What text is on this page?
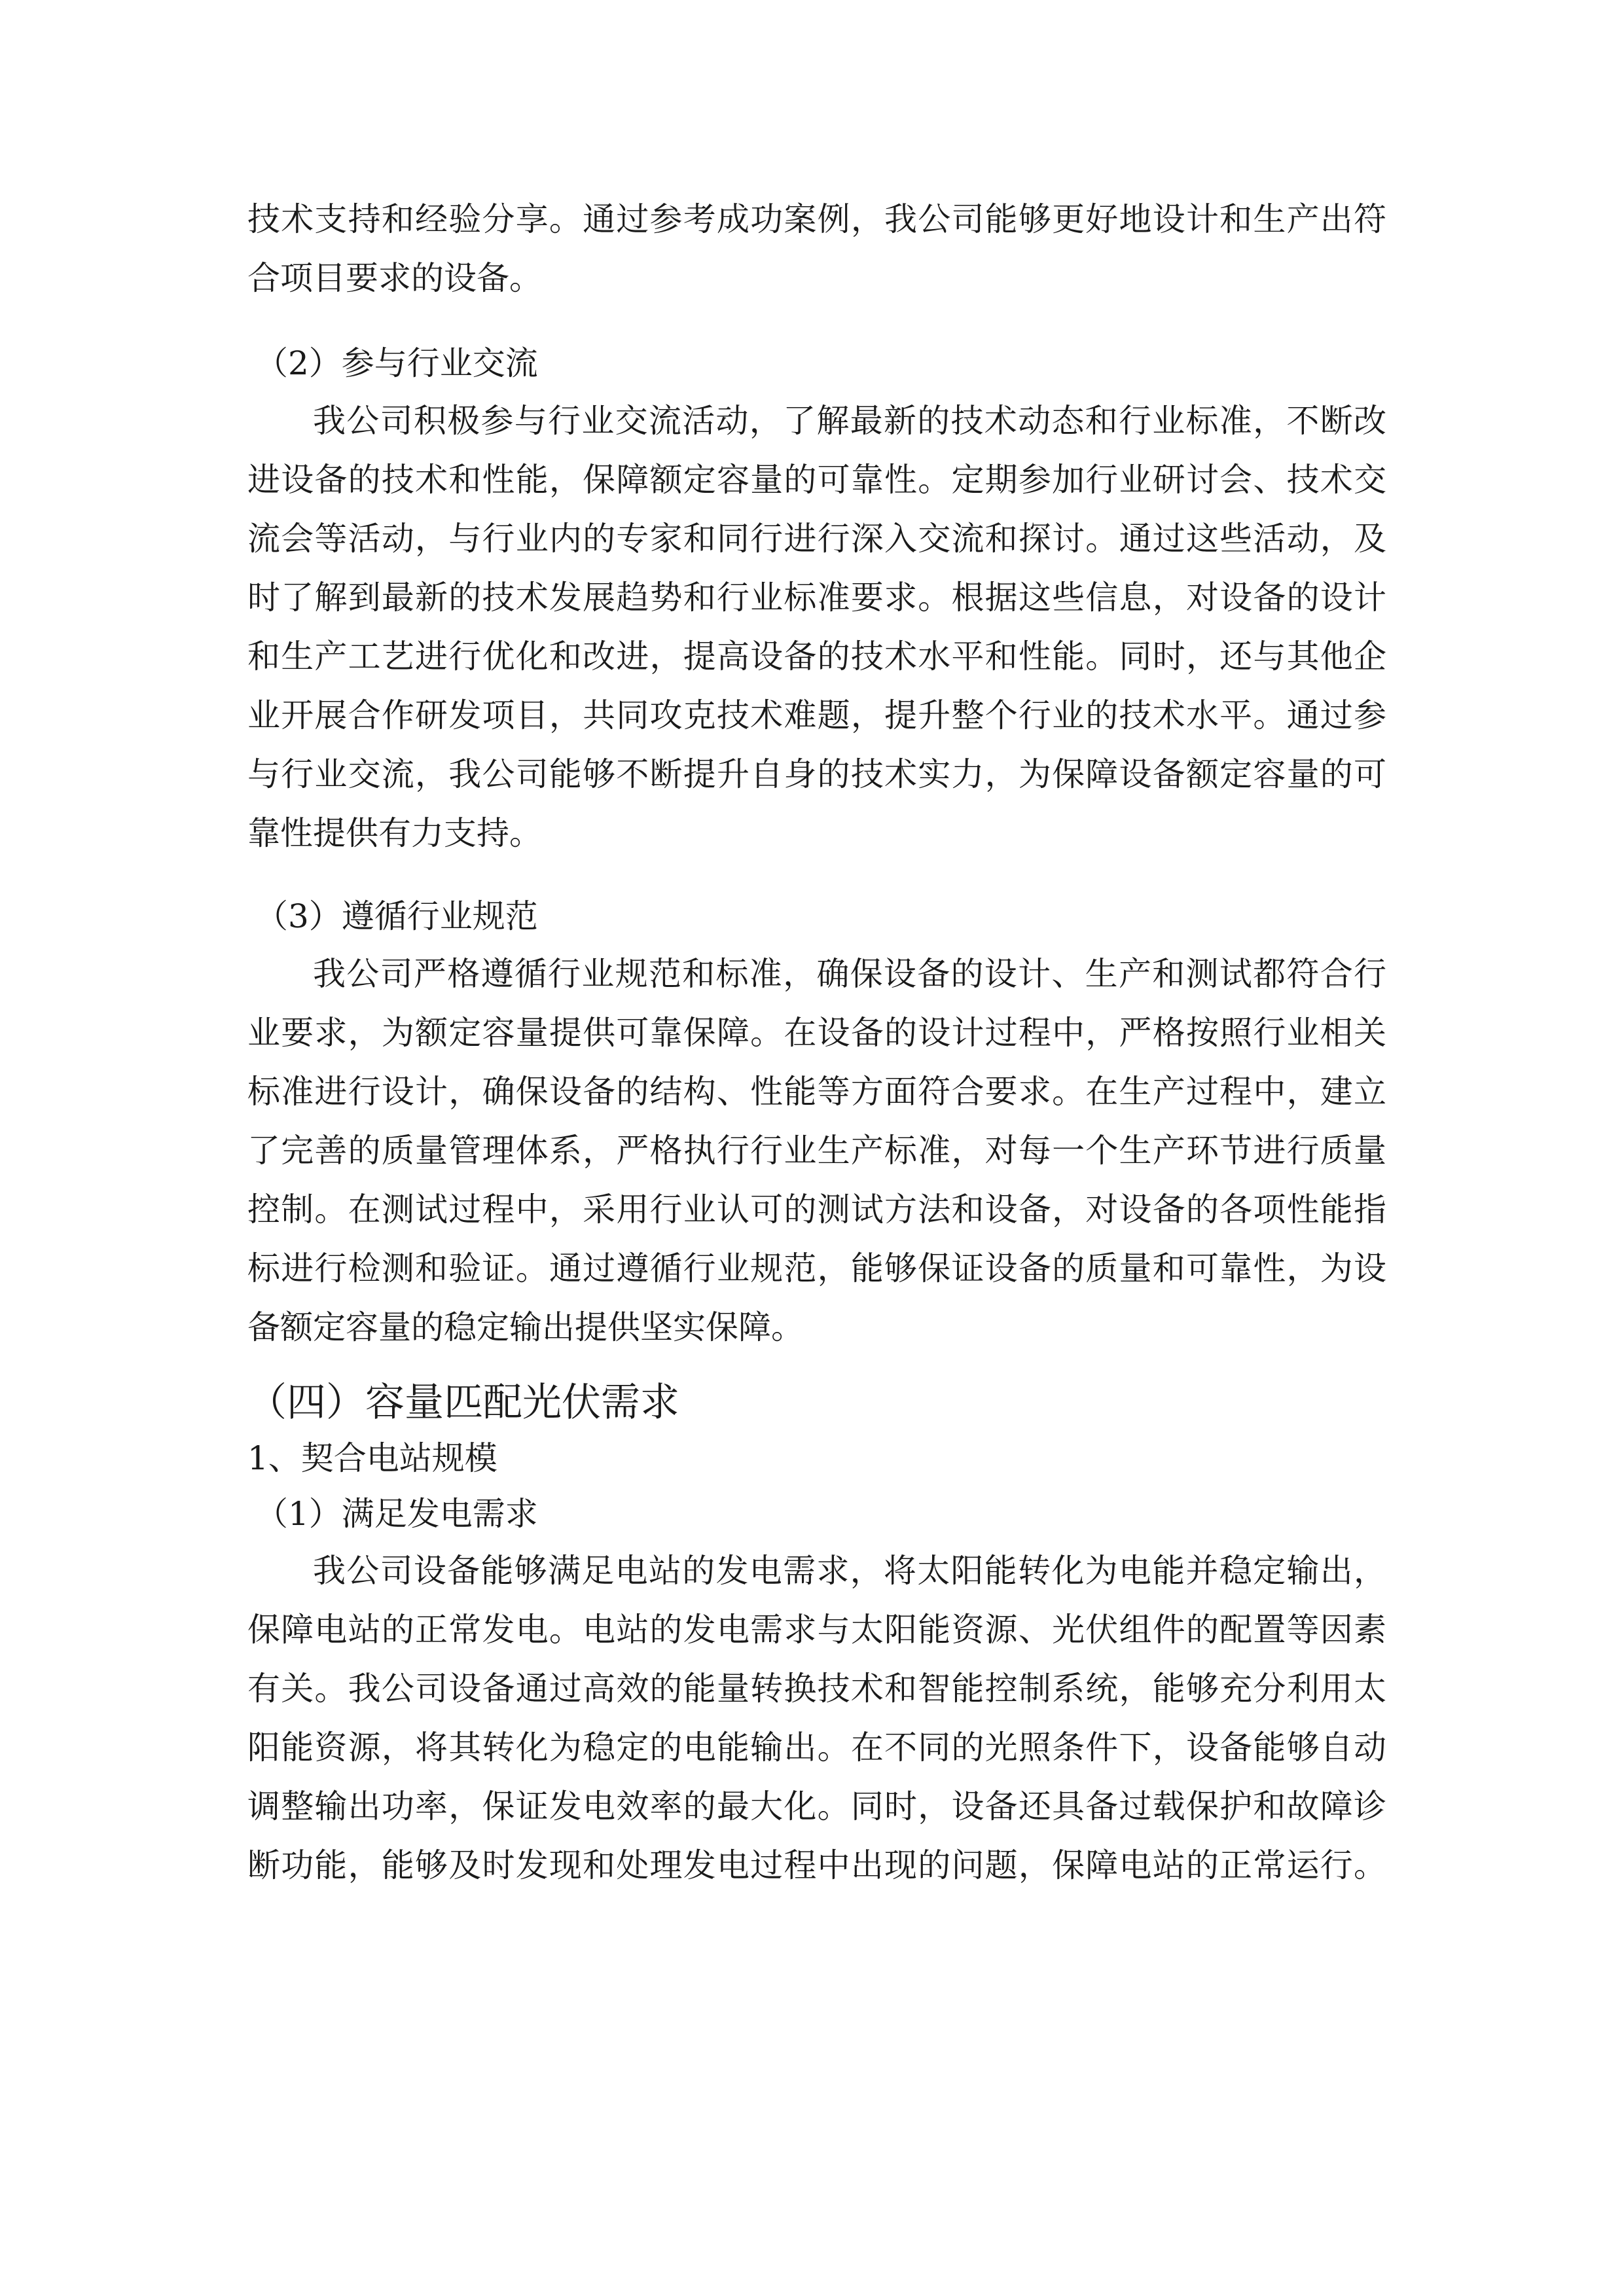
技术支持和经验分享。通过参考成功案例，我公司能够更好地设计和生产出符
合项目要求的设备。
（2）参与行业交流
我公司积极参与行业交流活动，了解最新的技术动态和行业标准，不断改
进设备的技术和性能，保障额定容量的可靠性。定期参加行业研讨会、技术交
流会等活动，与行业内的专家和同行进行深入交流和探讨。通过这些活动，及
时了解到最新的技术发展趋势和行业标准要求。根据这些信息，对设备的设计
和生产工艺进行优化和改进，提高设备的技术水平和性能。同时，还与其他企
业开展合作研发项目，共同攻克技术难题，提升整个行业的技术水平。通过参
与行业交流，我公司能够不断提升自身的技术实力，为保障设备额定容量的可
靠性提供有力支持。
（3）遵循行业规范
我公司严格遵循行业规范和标准，确保设备的设计、生产和测试都符合行
业要求，为额定容量提供可靠保障。在设备的设计过程中，严格按照行业相关
标准进行设计，确保设备的结构、性能等方面符合要求。在生产过程中，建立
了完善的质量管理体系，严格执行行业生产标准，对每一个生产环节进行质量
控制。在测试过程中，采用行业认可的测试方法和设备，对设备的各项性能指
标进行检测和验证。通过遵循行业规范，能够保证设备的质量和可靠性，为设
备额定容量的稳定输出提供坚实保障。
（四）容量匹配光伏需求
1、契合电站规模
（1）满足发电需求
我公司设备能够满足电站的发电需求，将太阳能转化为电能并稳定输出，
保障电站的正常发电。电站的发电需求与太阳能资源、光伏组件的配置等因素
有关。我公司设备通过高效的能量转换技术和智能控制系统，能够充分利用太
阳能资源，将其转化为稳定的电能输出。在不同的光照条件下，设备能够自动
调整输出功率，保证发电效率的最大化。同时，设备还具备过载保护和故障诊
断功能，能够及时发现和处理发电过程中出现的问题，保障电站的正常运行。
